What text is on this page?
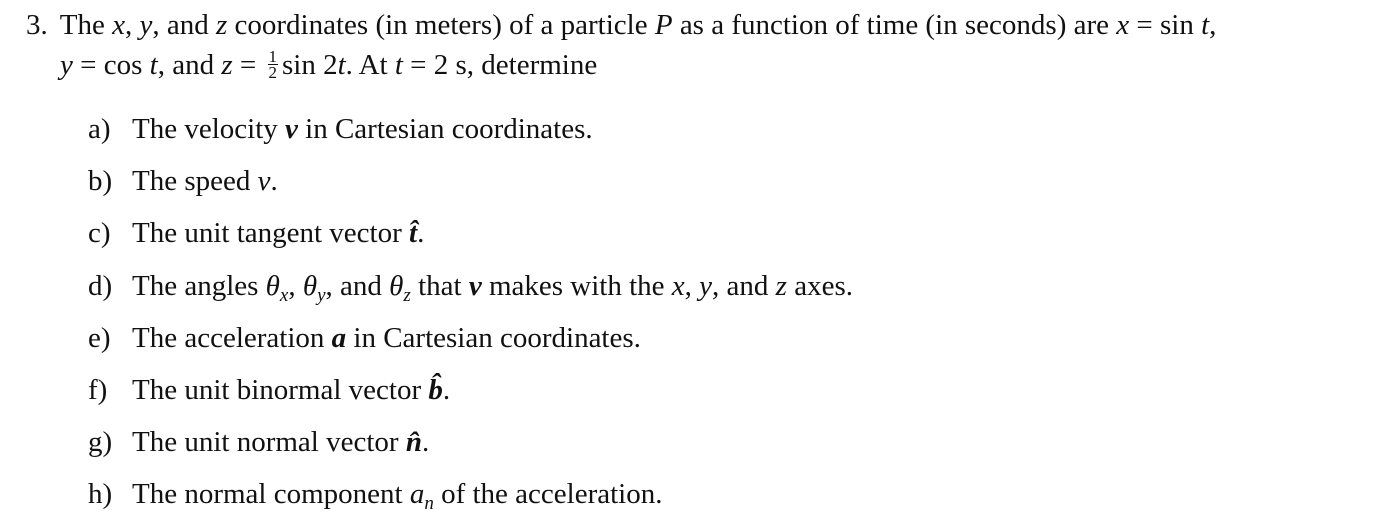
3. The x, y, and z coordinates (in meters) of a particle P as a function of time (in seconds) are x = sin t,
y = cos t, and $z = \frac{1}{2}$ sin 2t. At t = 2 s, determine
a) The velocity v in Cartesian coordinates.
b) The speed v.
c) The unit tangent vector t̂.
d) The angles $\theta_x$, $\theta_y$, and $\theta_z$ that v makes with the x, y, and z axes.
e) The acceleration a in Cartesian coordinates.
f) The unit binormal vector b̂.
g) The unit normal vector n̂.
h) The normal component $a_n$ of the acceleration.
